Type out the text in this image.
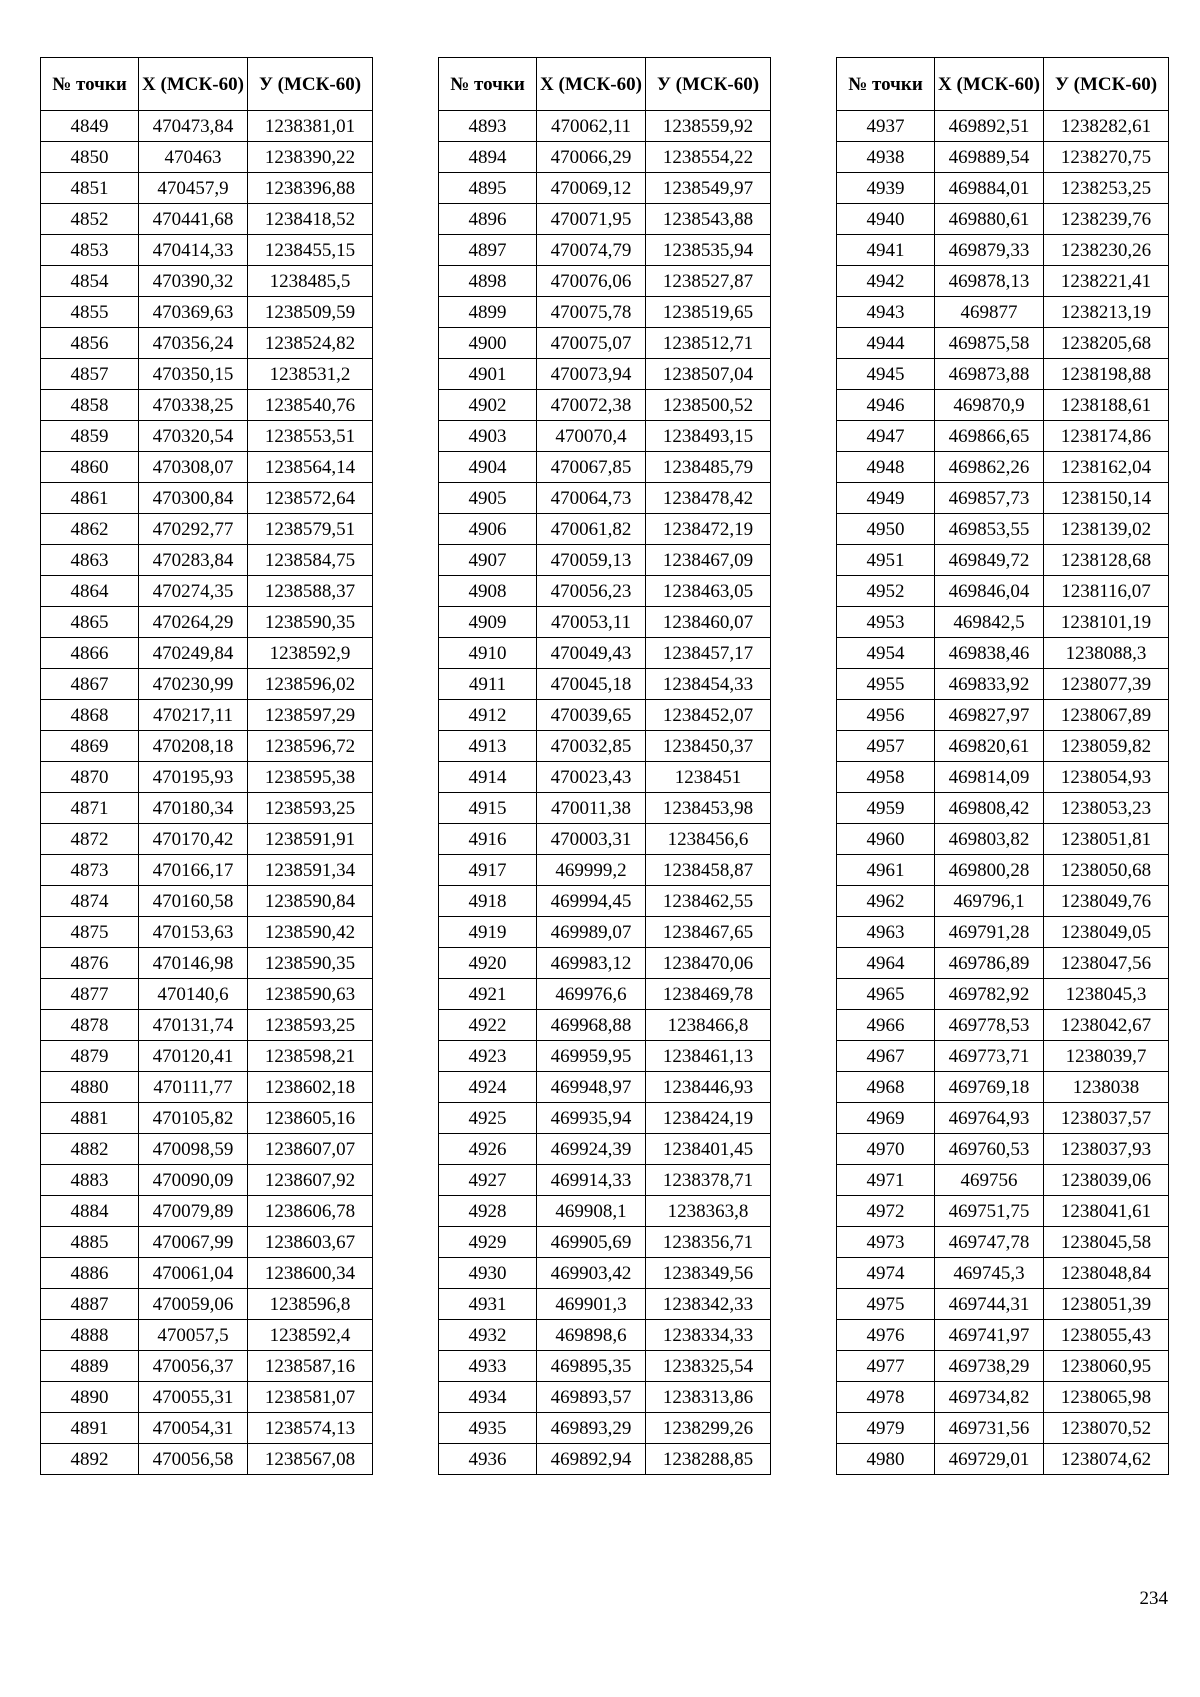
№ точки	Х (МСК-60)	У (МСК-60)
4849	470473,84	1238381,01
4850	470463	1238390,22
4851	470457,9	1238396,88
4852	470441,68	1238418,52
4853	470414,33	1238455,15
4854	470390,32	1238485,5
4855	470369,63	1238509,59
4856	470356,24	1238524,82
4857	470350,15	1238531,2
4858	470338,25	1238540,76
4859	470320,54	1238553,51
4860	470308,07	1238564,14
4861	470300,84	1238572,64
4862	470292,77	1238579,51
4863	470283,84	1238584,75
4864	470274,35	1238588,37
4865	470264,29	1238590,35
4866	470249,84	1238592,9
4867	470230,99	1238596,02
4868	470217,11	1238597,29
4869	470208,18	1238596,72
4870	470195,93	1238595,38
4871	470180,34	1238593,25
4872	470170,42	1238591,91
4873	470166,17	1238591,34
4874	470160,58	1238590,84
4875	470153,63	1238590,42
4876	470146,98	1238590,35
4877	470140,6	1238590,63
4878	470131,74	1238593,25
4879	470120,41	1238598,21
4880	470111,77	1238602,18
4881	470105,82	1238605,16
4882	470098,59	1238607,07
4883	470090,09	1238607,92
4884	470079,89	1238606,78
4885	470067,99	1238603,67
4886	470061,04	1238600,34
4887	470059,06	1238596,8
4888	470057,5	1238592,4
4889	470056,37	1238587,16
4890	470055,31	1238581,07
4891	470054,31	1238574,13
4892	470056,58	1238567,08
№ точки	Х (МСК-60)	У (МСК-60)
4893	470062,11	1238559,92
4894	470066,29	1238554,22
4895	470069,12	1238549,97
4896	470071,95	1238543,88
4897	470074,79	1238535,94
4898	470076,06	1238527,87
4899	470075,78	1238519,65
4900	470075,07	1238512,71
4901	470073,94	1238507,04
4902	470072,38	1238500,52
4903	470070,4	1238493,15
4904	470067,85	1238485,79
4905	470064,73	1238478,42
4906	470061,82	1238472,19
4907	470059,13	1238467,09
4908	470056,23	1238463,05
4909	470053,11	1238460,07
4910	470049,43	1238457,17
4911	470045,18	1238454,33
4912	470039,65	1238452,07
4913	470032,85	1238450,37
4914	470023,43	1238451
4915	470011,38	1238453,98
4916	470003,31	1238456,6
4917	469999,2	1238458,87
4918	469994,45	1238462,55
4919	469989,07	1238467,65
4920	469983,12	1238470,06
4921	469976,6	1238469,78
4922	469968,88	1238466,8
4923	469959,95	1238461,13
4924	469948,97	1238446,93
4925	469935,94	1238424,19
4926	469924,39	1238401,45
4927	469914,33	1238378,71
4928	469908,1	1238363,8
4929	469905,69	1238356,71
4930	469903,42	1238349,56
4931	469901,3	1238342,33
4932	469898,6	1238334,33
4933	469895,35	1238325,54
4934	469893,57	1238313,86
4935	469893,29	1238299,26
4936	469892,94	1238288,85
№ точки	Х (МСК-60)	У (МСК-60)
4937	469892,51	1238282,61
4938	469889,54	1238270,75
4939	469884,01	1238253,25
4940	469880,61	1238239,76
4941	469879,33	1238230,26
4942	469878,13	1238221,41
4943	469877	1238213,19
4944	469875,58	1238205,68
4945	469873,88	1238198,88
4946	469870,9	1238188,61
4947	469866,65	1238174,86
4948	469862,26	1238162,04
4949	469857,73	1238150,14
4950	469853,55	1238139,02
4951	469849,72	1238128,68
4952	469846,04	1238116,07
4953	469842,5	1238101,19
4954	469838,46	1238088,3
4955	469833,92	1238077,39
4956	469827,97	1238067,89
4957	469820,61	1238059,82
4958	469814,09	1238054,93
4959	469808,42	1238053,23
4960	469803,82	1238051,81
4961	469800,28	1238050,68
4962	469796,1	1238049,76
4963	469791,28	1238049,05
4964	469786,89	1238047,56
4965	469782,92	1238045,3
4966	469778,53	1238042,67
4967	469773,71	1238039,7
4968	469769,18	1238038
4969	469764,93	1238037,57
4970	469760,53	1238037,93
4971	469756	1238039,06
4972	469751,75	1238041,61
4973	469747,78	1238045,58
4974	469745,3	1238048,84
4975	469744,31	1238051,39
4976	469741,97	1238055,43
4977	469738,29	1238060,95
4978	469734,82	1238065,98
4979	469731,56	1238070,52
4980	469729,01	1238074,62
234
